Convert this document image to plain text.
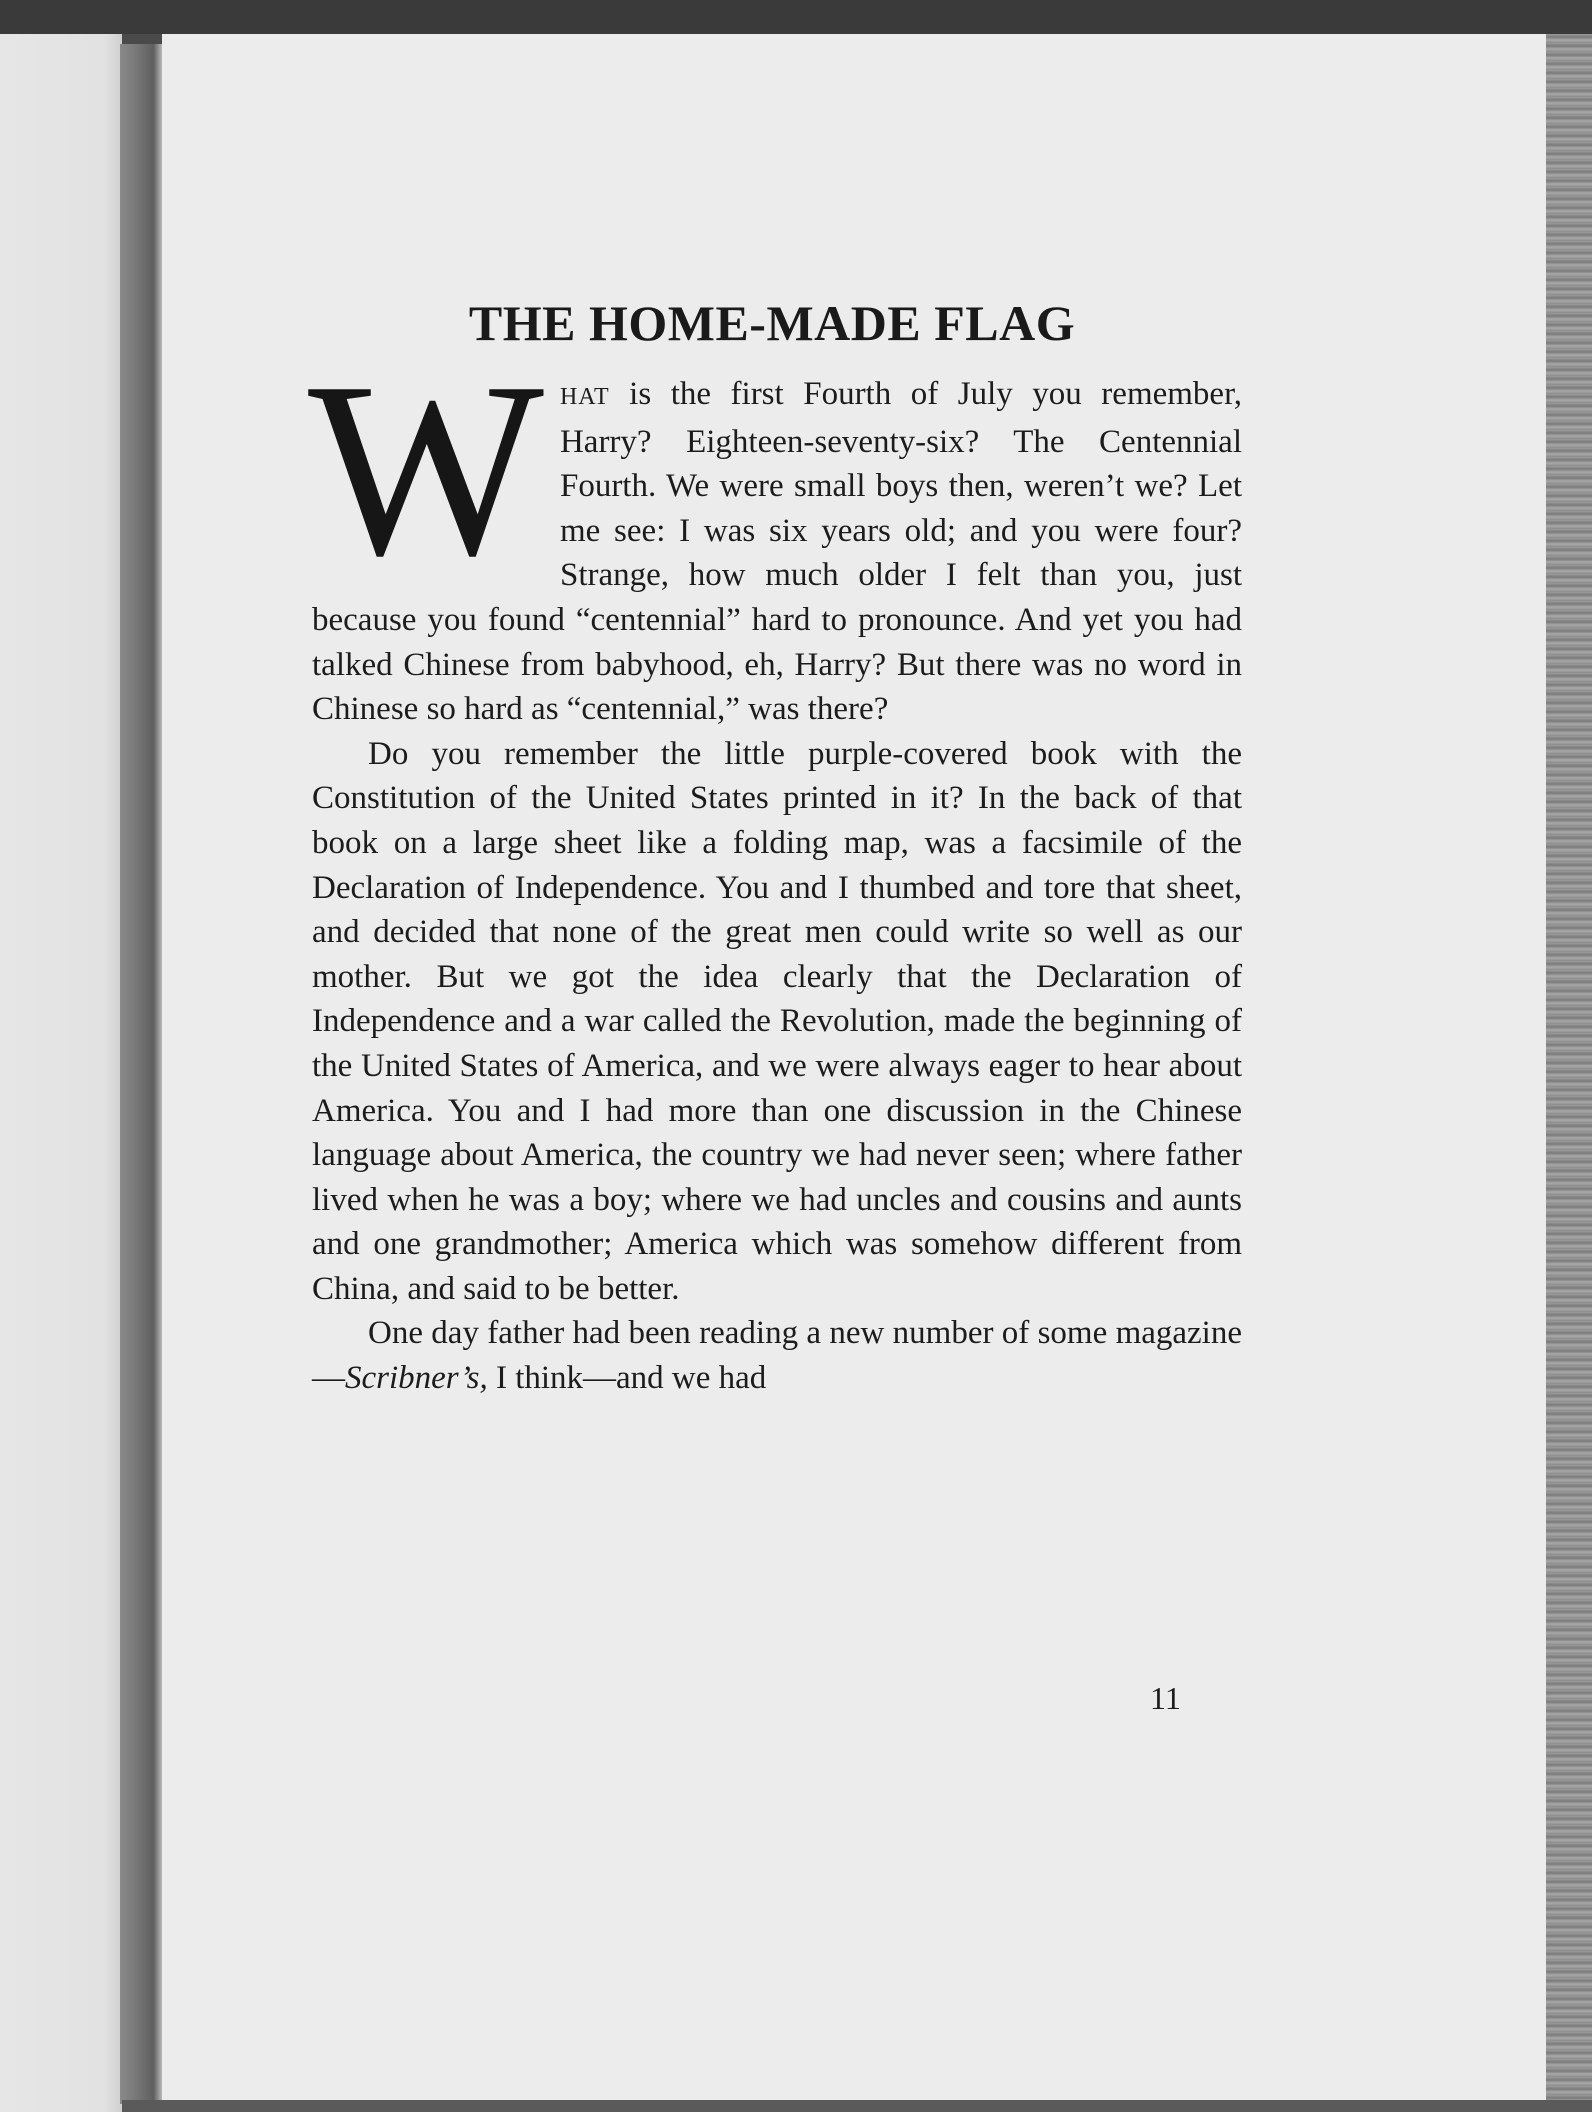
THE HOME-MADE FLAG

WHAT is the first Fourth of July you remember, Harry? Eighteen-seventy-six? The Centennial Fourth. We were small boys then, weren’t we? Let me see: I was six years old; and you were four? Strange, how much older I felt than you, just because you found “centennial” hard to pronounce. And yet you had talked Chinese from babyhood, eh, Harry? But there was no word in Chinese so hard as “centennial,” was there?

Do you remember the little purple-covered book with the Constitution of the United States printed in it? In the back of that book on a large sheet like a folding map, was a facsimile of the Declaration of Independence. You and I thumbed and tore that sheet, and decided that none of the great men could write so well as our mother. But we got the idea clearly that the Declaration of Independence and a war called the Revolution, made the beginning of the United States of America, and we were always eager to hear about America. You and I had more than one discussion in the Chinese language about America, the country we had never seen; where father lived when he was a boy; where we had uncles and cousins and aunts and one grandmother; America which was somehow different from China, and said to be better.

One day father had been reading a new number of some magazine—Scribner’s, I think—and we had

11
